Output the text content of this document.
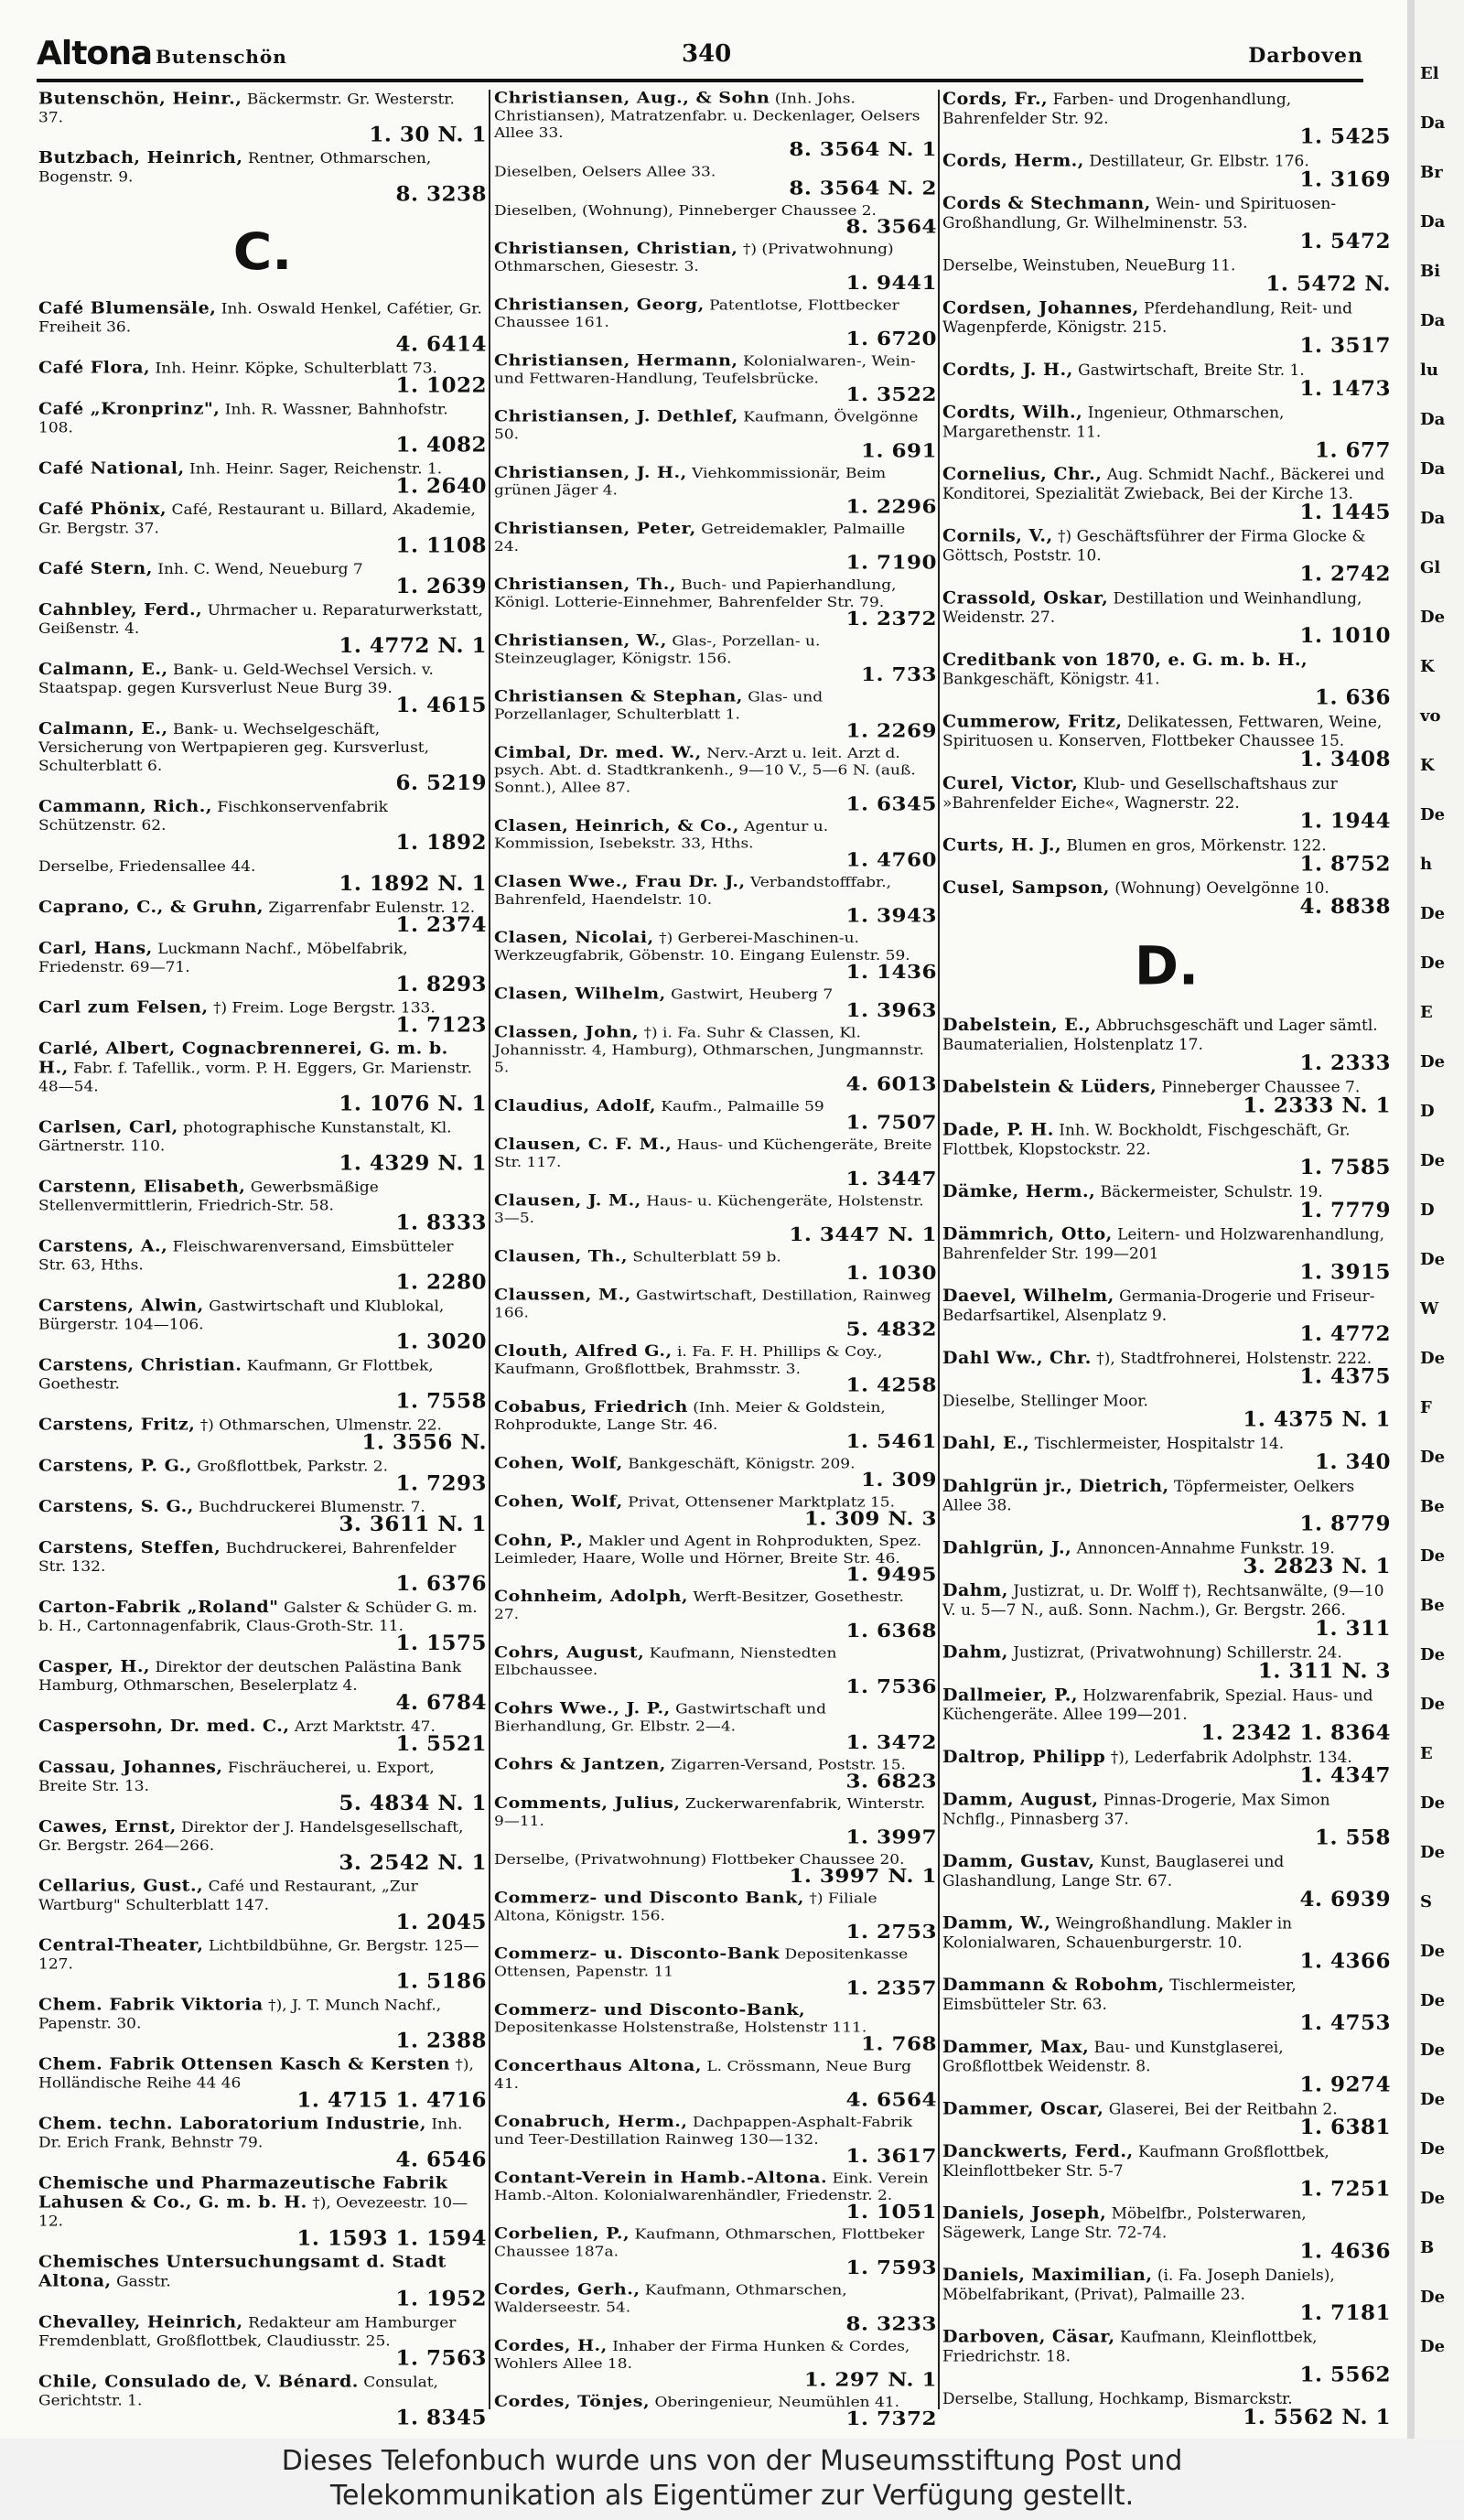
Altona Butenschön	340	Darboven
Butenschön, Heinr., Bäckermstr. Gr. Westerstr. 37.
1. 30 N. 1
Butzbach, Heinrich, Rentner, Othmarschen, Bogenstr. 9.
8. 3238
C.
Café Blumensäle, Inh. Oswald Henkel, Cafétier, Gr. Freiheit 36.
4. 6414
Café Flora, Inh. Heinr. Köpke, Schulterblatt 73.
1. 1022
Café „Kronprinz", Inh. R. Wassner, Bahnhofstr. 108.
1. 4082
Café National, Inh. Heinr. Sager, Reichenstr. 1.
1. 2640
Café Phönix, Café, Restaurant u. Billard, Akademie, Gr. Bergstr. 37.
1. 1108
Café Stern, Inh. C. Wend, Neueburg 7
1. 2639
Cahnbley, Ferd., Uhrmacher u. Reparaturwerkstatt, Geißenstr. 4.
1. 4772 N. 1
Calmann, E., Bank- u. Geld-Wechsel Versich. v. Staatspap. gegen Kursverlust Neue Burg 39.
1. 4615
Calmann, E., Bank- u. Wechselgeschäft, Versicherung von Wertpapieren geg. Kursverlust, Schulterblatt 6.
6. 5219
Cammann, Rich., Fischkonservenfabrik Schützenstr. 62.
1. 1892
Derselbe, Friedensallee 44.
1. 1892 N. 1
Caprano, C., & Gruhn, Zigarrenfabr Eulenstr. 12.
1. 2374
Carl, Hans, Luckmann Nachf., Möbelfabrik, Friedenstr. 69—71.
1. 8293
Carl zum Felsen, †) Freim. Loge Bergstr. 133.
1. 7123
Carlé, Albert, Cognacbrennerei, G. m. b. H., Fabr. f. Tafellik., vorm. P. H. Eggers, Gr. Marienstr. 48—54.
1. 1076 N. 1
Carlsen, Carl, photographische Kunstanstalt, Kl. Gärtnerstr. 110.
1. 4329 N. 1
Carstenn, Elisabeth, Gewerbsmäßige Stellenvermittlerin, Friedrich-Str. 58.
1. 8333
Carstens, A., Fleischwarenversand, Eimsbütteler Str. 63, Hths.
1. 2280
Carstens, Alwin, Gastwirtschaft und Klublokal, Bürgerstr. 104—106.
1. 3020
Carstens, Christian. Kaufmann, Gr Flottbek, Goethestr.
1. 7558
Carstens, Fritz, †) Othmarschen, Ulmenstr. 22.
1. 3556 N.
Carstens, P. G., Großflottbek, Parkstr. 2.
1. 7293
Carstens, S. G., Buchdruckerei Blumenstr. 7.
3. 3611 N. 1
Carstens, Steffen, Buchdruckerei, Bahrenfelder Str. 132.
1. 6376
Carton-Fabrik „Roland" Galster & Schüder G. m. b. H., Cartonnagenfabrik, Claus-Groth-Str. 11.
1. 1575
Casper, H., Direktor der deutschen Palästina Bank Hamburg, Othmarschen, Beselerplatz 4.
4. 6784
Caspersohn, Dr. med. C., Arzt Marktstr. 47.
1. 5521
Cassau, Johannes, Fischräucherei, u. Export, Breite Str. 13.
5. 4834 N. 1
Cawes, Ernst, Direktor der J. Handelsgesellschaft, Gr. Bergstr. 264—266.
3. 2542 N. 1
Cellarius, Gust., Café und Restaurant, „Zur Wartburg" Schulterblatt 147.
1. 2045
Central-Theater, Lichtbildbühne, Gr. Bergstr. 125—127.
1. 5186
Chem. Fabrik Viktoria †), J. T. Munch Nachf., Papenstr. 30.
1. 2388
Chem. Fabrik Ottensen Kasch & Kersten †), Holländische Reihe 44 46
1. 4715 1. 4716
Chem. techn. Laboratorium Industrie, Inh. Dr. Erich Frank, Behnstr 79.
4. 6546
Chemische und Pharmazeutische Fabrik Lahusen & Co., G. m. b. H. †), Oevezeestr. 10—12.
1. 1593 1. 1594
Chemisches Untersuchungsamt d. Stadt Altona, Gasstr.
1. 1952
Chevalley, Heinrich, Redakteur am Hamburger Fremdenblatt, Großflottbek, Claudiusstr. 25.
1. 7563
Chile, Consulado de, V. Bénard. Consulat, Gerichtstr. 1.
1. 8345
Christiansen, Aug., & Sohn (Inh. Johs. Christiansen), Matratzenfabr. u. Deckenlager, Oelsers Allee 33.
8. 3564 N. 1
Dieselben, Oelsers Allee 33.
8. 3564 N. 2
Dieselben, (Wohnung), Pinneberger Chaussee 2.
8. 3564
Christiansen, Christian, †) (Privatwohnung) Othmarschen, Giesestr. 3.
1. 9441
Christiansen, Georg, Patentlotse, Flottbecker Chaussee 161.
1. 6720
Christiansen, Hermann, Kolonialwaren-, Wein- und Fettwaren-Handlung, Teufelsbrücke.
1. 3522
Christiansen, J. Dethlef, Kaufmann, Övelgönne 50.
1. 691
Christiansen, J. H., Viehkommissionär, Beim grünen Jäger 4.
1. 2296
Christiansen, Peter, Getreidemakler, Palmaille 24.
1. 7190
Christiansen, Th., Buch- und Papierhandlung, Königl. Lotterie-Einnehmer, Bahrenfelder Str. 79.
1. 2372
Christiansen, W., Glas-, Porzellan- u. Steinzeuglager, Königstr. 156.
1. 733
Christiansen & Stephan, Glas- und Porzellanlager, Schulterblatt 1.
1. 2269
Cimbal, Dr. med. W., Nerv.-Arzt u. leit. Arzt d. psych. Abt. d. Stadtkrankenh., 9—10 V., 5—6 N. (auß. Sonnt.), Allee 87.
1. 6345
Clasen, Heinrich, & Co., Agentur u. Kommission, Isebekstr. 33, Hths.
1. 4760
Clasen Wwe., Frau Dr. J., Verbandstofffabr., Bahrenfeld, Haendelstr. 10.
1. 3943
Clasen, Nicolai, †) Gerberei-Maschinen-u. Werkzeugfabrik, Göbenstr. 10. Eingang Eulenstr. 59.
1. 1436
Clasen, Wilhelm, Gastwirt, Heuberg 7
1. 3963
Classen, John, †) i. Fa. Suhr & Classen, Kl. Johannisstr. 4, Hamburg), Othmarschen, Jungmannstr. 5.
4. 6013
Claudius, Adolf, Kaufm., Palmaille 59
1. 7507
Clausen, C. F. M., Haus- und Küchengeräte, Breite Str. 117.
1. 3447
Clausen, J. M., Haus- u. Küchengeräte, Holstenstr. 3—5.
1. 3447 N. 1
Clausen, Th., Schulterblatt 59 b.
1. 1030
Claussen, M., Gastwirtschaft, Destillation, Rainweg 166.
5. 4832
Clouth, Alfred G., i. Fa. F. H. Phillips & Coy., Kaufmann, Großflottbek, Brahmsstr. 3.
1. 4258
Cobabus, Friedrich (Inh. Meier & Goldstein, Rohprodukte, Lange Str. 46.
1. 5461
Cohen, Wolf, Bankgeschäft, Königstr. 209.
1. 309
Cohen, Wolf, Privat, Ottensener Marktplatz 15.
1. 309 N. 3
Cohn, P., Makler und Agent in Rohprodukten, Spez. Leimleder, Haare, Wolle und Hörner, Breite Str. 46.
1. 9495
Cohnheim, Adolph, Werft-Besitzer, Gosethestr. 27.
1. 6368
Cohrs, August, Kaufmann, Nienstedten Elbchaussee.
1. 7536
Cohrs Wwe., J. P., Gastwirtschaft und Bierhandlung, Gr. Elbstr. 2—4.
1. 3472
Cohrs & Jantzen, Zigarren-Versand, Poststr. 15.
3. 6823
Comments, Julius, Zuckerwarenfabrik, Winterstr. 9—11.
1. 3997
Derselbe, (Privatwohnung) Flottbeker Chaussee 20.
1. 3997 N. 1
Commerz- und Disconto Bank, †) Filiale Altona, Königstr. 156.
1. 2753
Commerz- u. Disconto-Bank Depositenkasse Ottensen, Papenstr. 11
1. 2357
Commerz- und Disconto-Bank, Depositenkasse Holstenstraße, Holstenstr 111.
1. 768
Concerthaus Altona, L. Crössmann, Neue Burg 41.
4. 6564
Conabruch, Herm., Dachpappen-Asphalt-Fabrik und Teer-Destillation Rainweg 130—132.
1. 3617
Contant-Verein in Hamb.-Altona. Eink. Verein Hamb.-Alton. Kolonialwarenhändler, Friedenstr. 2.
1. 1051
Corbelien, P., Kaufmann, Othmarschen, Flottbeker Chaussee 187a.
1. 7593
Cordes, Gerh., Kaufmann, Othmarschen, Walderseestr. 54.
8. 3233
Cordes, H., Inhaber der Firma Hunken & Cordes, Wohlers Allee 18.
1. 297 N. 1
Cordes, Tönjes, Oberingenieur, Neumühlen 41.
1. 7372
Cords, Fr., Farben- und Drogenhandlung, Bahrenfelder Str. 92.
1. 5425
Cords, Herm., Destillateur, Gr. Elbstr. 176.
1. 3169
Cords & Stechmann, Wein- und Spirituosen-Großhandlung, Gr. Wilhelminenstr. 53.
1. 5472
Derselbe, Weinstuben, NeueBurg 11.
1. 5472 N.
Cordsen, Johannes, Pferdehandlung, Reit- und Wagenpferde, Königstr. 215.
1. 3517
Cordts, J. H., Gastwirtschaft, Breite Str. 1.
1. 1473
Cordts, Wilh., Ingenieur, Othmarschen, Margarethenstr. 11.
1. 677
Cornelius, Chr., Aug. Schmidt Nachf., Bäckerei und Konditorei, Spezialität Zwieback, Bei der Kirche 13.
1. 1445
Cornils, V., †) Geschäftsführer der Firma Glocke & Göttsch, Poststr. 10.
1. 2742
Crassold, Oskar, Destillation und Weinhandlung, Weidenstr. 27.
1. 1010
Creditbank von 1870, e. G. m. b. H., Bankgeschäft, Königstr. 41.
1. 636
Cummerow, Fritz, Delikatessen, Fettwaren, Weine, Spirituosen u. Konserven, Flottbeker Chaussee 15.
1. 3408
Curel, Victor, Klub- und Gesellschaftshaus zur »Bahrenfelder Eiche«, Wagnerstr. 22.
1. 1944
Curts, H. J., Blumen en gros, Mörkenstr. 122.
1. 8752
Cusel, Sampson, (Wohnung) Oevelgönne 10.
4. 8838
D.
Dabelstein, E., Abbruchsgeschäft und Lager sämtl. Baumaterialien, Holstenplatz 17.
1. 2333
Dabelstein & Lüders, Pinneberger Chaussee 7.
1. 2333 N. 1
Dade, P. H. Inh. W. Bockholdt, Fischgeschäft, Gr. Flottbek, Klopstockstr. 22.
1. 7585
Dämke, Herm., Bäckermeister, Schulstr. 19.
1. 7779
Dämmrich, Otto, Leitern- und Holzwarenhandlung, Bahrenfelder Str. 199—201
1. 3915
Daevel, Wilhelm, Germania-Drogerie und Friseur-Bedarfsartikel, Alsenplatz 9.
1. 4772
Dahl Ww., Chr. †), Stadtfrohnerei, Holstenstr. 222.
1. 4375
Dieselbe, Stellinger Moor.
1. 4375 N. 1
Dahl, E., Tischlermeister, Hospitalstr 14.
1. 340
Dahlgrün jr., Dietrich, Töpfermeister, Oelkers Allee 38.
1. 8779
Dahlgrün, J., Annoncen-Annahme Funkstr. 19.
3. 2823 N. 1
Dahm, Justizrat, u. Dr. Wolff †), Rechtsanwälte, (9—10 V. u. 5—7 N., auß. Sonn. Nachm.), Gr. Bergstr. 266.
1. 311
Dahm, Justizrat, (Privatwohnung) Schillerstr. 24.
1. 311 N. 3
Dallmeier, P., Holzwarenfabrik, Spezial. Haus- und Küchengeräte. Allee 199—201.
1. 2342 1. 8364
Daltrop, Philipp †), Lederfabrik Adolphstr. 134.
1. 4347
Damm, August, Pinnas-Drogerie, Max Simon Nchflg., Pinnasberg 37.
1. 558
Damm, Gustav, Kunst, Bauglaserei und Glashandlung, Lange Str. 67.
4. 6939
Damm, W., Weingroßhandlung. Makler in Kolonialwaren, Schauenburgerstr. 10.
1. 4366
Dammann & Robohm, Tischlermeister, Eimsbütteler Str. 63.
1. 4753
Dammer, Max, Bau- und Kunstglaserei, Großflottbek Weidenstr. 8.
1. 9274
Dammer, Oscar, Glaserei, Bei der Reitbahn 2.
1. 6381
Danckwerts, Ferd., Kaufmann Großflottbek, Kleinflottbeker Str. 5-7
1. 7251
Daniels, Joseph, Möbelfbr., Polsterwaren, Sägewerk, Lange Str. 72-74.
1. 4636
Daniels, Maximilian, (i. Fa. Joseph Daniels), Möbelfabrikant, (Privat), Palmaille 23.
1. 7181
Darboven, Cäsar, Kaufmann, Kleinflottbek, Friedrichstr. 18.
1. 5562
Derselbe, Stallung, Hochkamp, Bismarckstr.
1. 5562 N. 1
El
Da
Br
Da
Bi
Da
lu
Da
Da
Da
Gl
De
K
vo
K
De
h
De
De
E
De
D
De
D
De
W
De
F
De
Be
De
Be
De
De
E
De
De
S
De
De
De
De
De
De
B
De
De
Dieses Telefonbuch wurde uns von der Museumsstiftung Post und
Telekommunikation als Eigentümer zur Verfügung gestellt.
